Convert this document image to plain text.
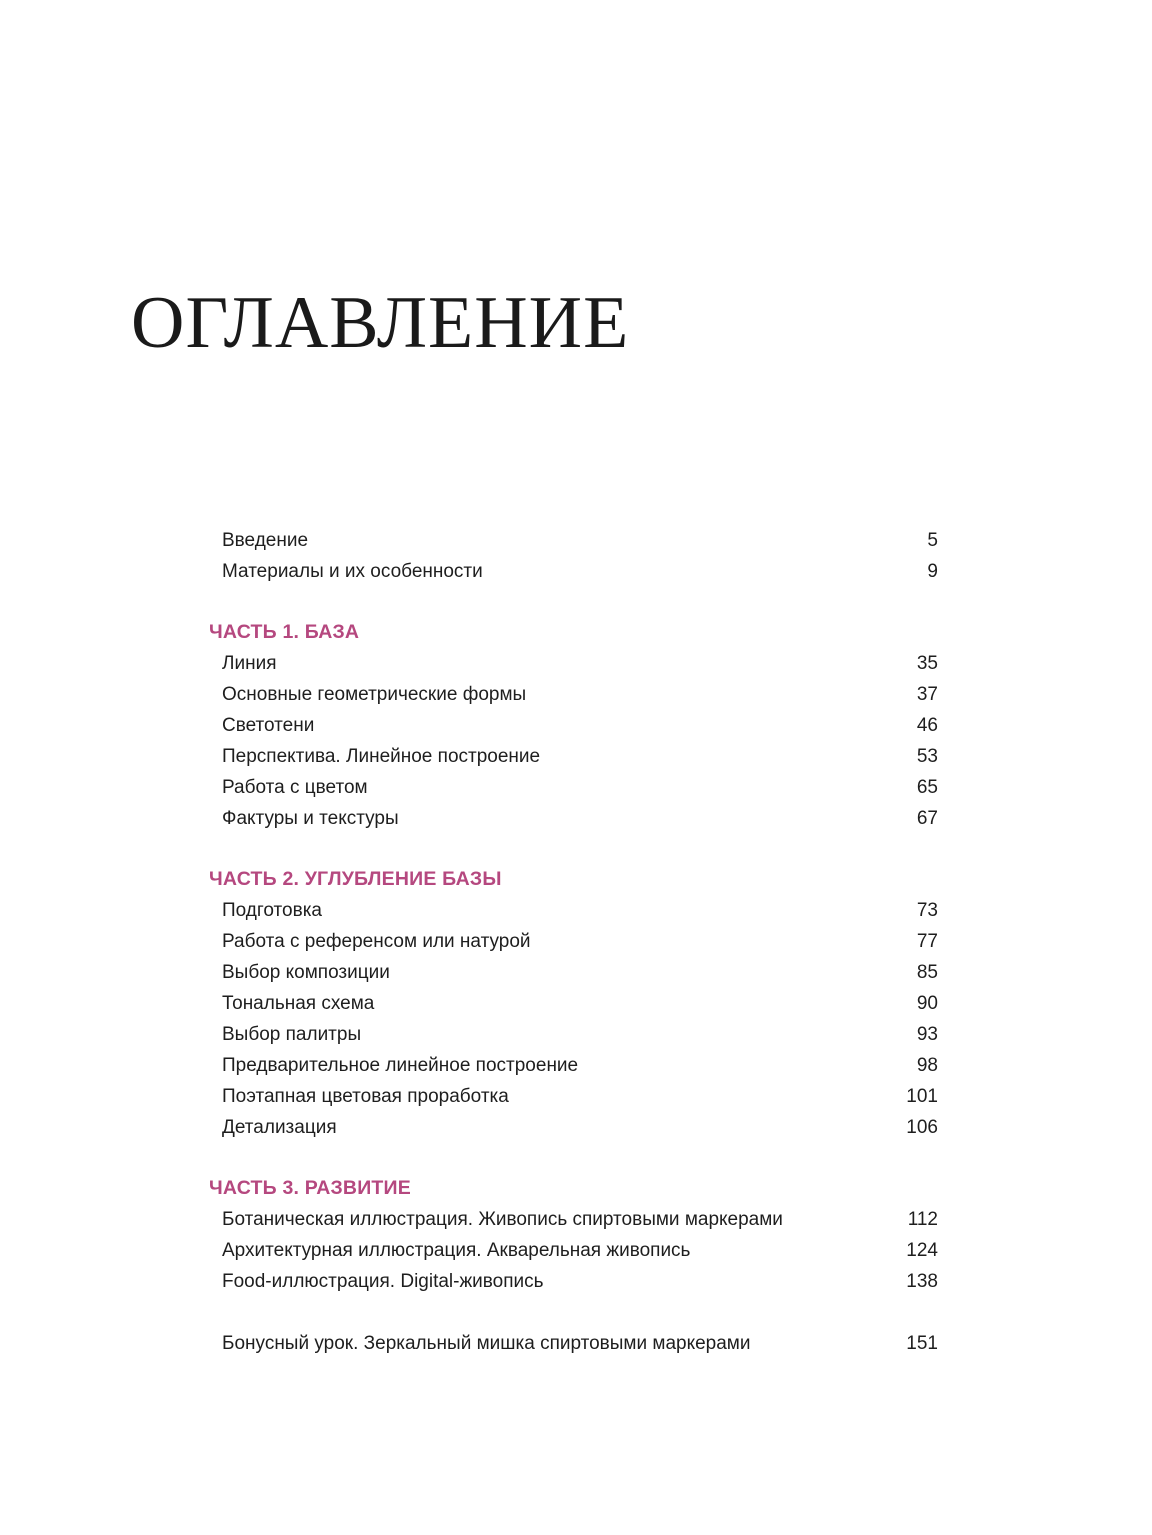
ОГЛАВЛЕНИЕ
Введение	5
Материалы и их особенности	9
ЧАСТЬ 1. БАЗА
Линия	35
Основные геометрические формы	37
Светотени	46
Перспектива. Линейное построение	53
Работа с цветом	65
Фактуры и текстуры	67
ЧАСТЬ 2. УГЛУБЛЕНИЕ БАЗЫ
Подготовка	73
Работа с референсом или натурой	77
Выбор композиции	85
Тональная схема	90
Выбор палитры	93
Предварительное линейное построение	98
Поэтапная цветовая проработка	101
Детализация	106
ЧАСТЬ 3. РАЗВИТИЕ
Ботаническая иллюстрация. Живопись спиртовыми маркерами	112
Архитектурная иллюстрация. Акварельная живопись	124
Food-иллюстрация. Digital-живопись	138
Бонусный урок. Зеркальный мишка спиртовыми маркерами	151
